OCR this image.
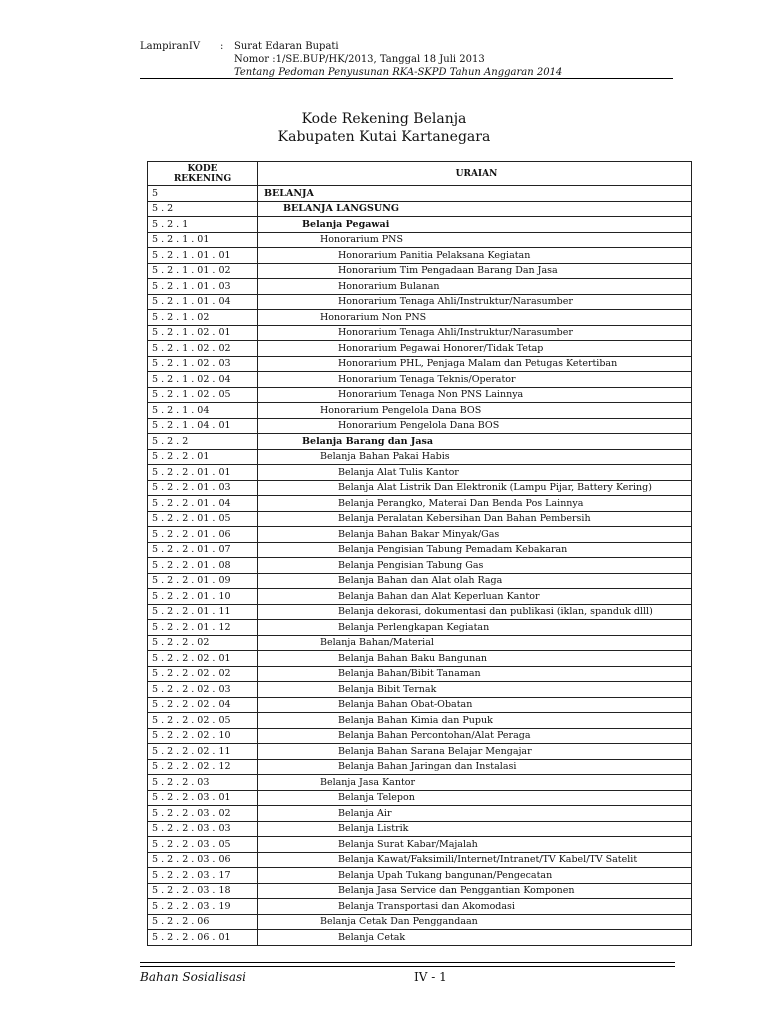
LampiranIV	:	Surat Edaran Bupati
Nomor :1/SE.BUP/HK/2013, Tanggal 18 Juli 2013
Tentang Pedoman Penyusunan RKA-SKPD Tahun Anggaran 2014
Kode Rekening Belanja
Kabupaten Kutai Kartanegara
KODE REKENING	URAIAN
5	BELANJA
5 . 2	BELANJA LANGSUNG
5 . 2 . 1	Belanja Pegawai
5 . 2 . 1 . 01	Honorarium PNS
5 . 2 . 1 . 01 . 01	Honorarium Panitia Pelaksana Kegiatan
5 . 2 . 1 . 01 . 02	Honorarium Tim Pengadaan Barang Dan Jasa
5 . 2 . 1 . 01 . 03	Honorarium Bulanan
5 . 2 . 1 . 01 . 04	Honorarium Tenaga Ahli/Instruktur/Narasumber
5 . 2 . 1 . 02	Honorarium Non PNS
5 . 2 . 1 . 02 . 01	Honorarium Tenaga Ahli/Instruktur/Narasumber
5 . 2 . 1 . 02 . 02	Honorarium Pegawai Honorer/Tidak Tetap
5 . 2 . 1 . 02 . 03	Honorarium PHL, Penjaga Malam dan Petugas Ketertiban
5 . 2 . 1 . 02 . 04	Honorarium Tenaga Teknis/Operator
5 . 2 . 1 . 02 . 05	Honorarium Tenaga Non PNS Lainnya
5 . 2 . 1 . 04	Honorarium Pengelola Dana BOS
5 . 2 . 1 . 04 . 01	Honorarium Pengelola Dana BOS
5 . 2 . 2	Belanja Barang dan Jasa
5 . 2 . 2 . 01	Belanja Bahan Pakai Habis
5 . 2 . 2 . 01 . 01	Belanja Alat Tulis Kantor
5 . 2 . 2 . 01 . 03	Belanja Alat Listrik Dan Elektronik (Lampu Pijar, Battery Kering)
5 . 2 . 2 . 01 . 04	Belanja Perangko, Materai Dan Benda Pos Lainnya
5 . 2 . 2 . 01 . 05	Belanja Peralatan Kebersihan Dan Bahan Pembersih
5 . 2 . 2 . 01 . 06	Belanja Bahan Bakar Minyak/Gas
5 . 2 . 2 . 01 . 07	Belanja Pengisian Tabung Pemadam Kebakaran
5 . 2 . 2 . 01 . 08	Belanja Pengisian Tabung Gas
5 . 2 . 2 . 01 . 09	Belanja Bahan dan Alat olah Raga
5 . 2 . 2 . 01 . 10	Belanja Bahan dan Alat Keperluan Kantor
5 . 2 . 2 . 01 . 11	Belanja dekorasi, dokumentasi dan publikasi (iklan, spanduk dlll)
5 . 2 . 2 . 01 . 12	Belanja Perlengkapan Kegiatan
5 . 2 . 2 . 02	Belanja Bahan/Material
5 . 2 . 2 . 02 . 01	Belanja Bahan Baku Bangunan
5 . 2 . 2 . 02 . 02	Belanja Bahan/Bibit Tanaman
5 . 2 . 2 . 02 . 03	Belanja Bibit Ternak
5 . 2 . 2 . 02 . 04	Belanja Bahan Obat-Obatan
5 . 2 . 2 . 02 . 05	Belanja Bahan Kimia dan Pupuk
5 . 2 . 2 . 02 . 10	Belanja Bahan Percontohan/Alat Peraga
5 . 2 . 2 . 02 . 11	Belanja Bahan Sarana Belajar Mengajar
5 . 2 . 2 . 02 . 12	Belanja Bahan Jaringan dan Instalasi
5 . 2 . 2 . 03	Belanja Jasa Kantor
5 . 2 . 2 . 03 . 01	Belanja Telepon
5 . 2 . 2 . 03 . 02	Belanja Air
5 . 2 . 2 . 03 . 03	Belanja Listrik
5 . 2 . 2 . 03 . 05	Belanja Surat Kabar/Majalah
5 . 2 . 2 . 03 . 06	Belanja Kawat/Faksimili/Internet/Intranet/TV Kabel/TV Satelit
5 . 2 . 2 . 03 . 17	Belanja Upah Tukang bangunan/Pengecatan
5 . 2 . 2 . 03 . 18	Belanja Jasa Service dan Penggantian Komponen
5 . 2 . 2 . 03 . 19	Belanja Transportasi dan Akomodasi
5 . 2 . 2 . 06	Belanja Cetak Dan Penggandaan
5 . 2 . 2 . 06 . 01	Belanja Cetak
Bahan Sosialisasi	IV - 1
